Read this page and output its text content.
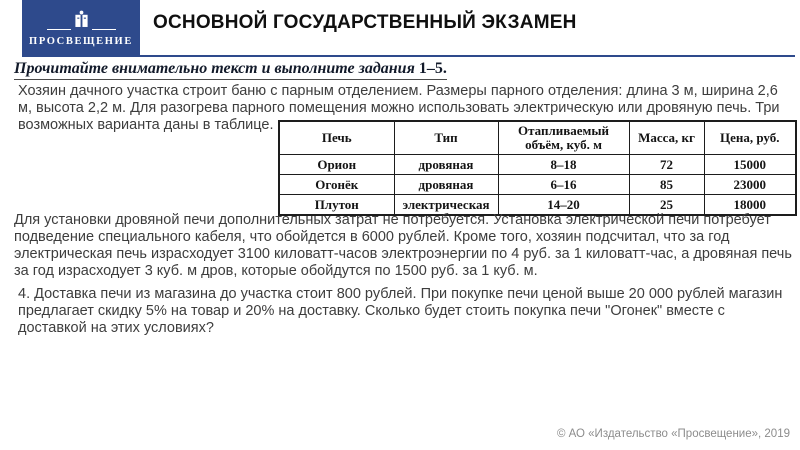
ПРОСВЕЩЕНИЕ
ОСНОВНОЙ ГОСУДАРСТВЕННЫЙ ЭКЗАМЕН
Прочитайте внимательно текст и выполните задания 1–5.
Хозяин дачного участка строит баню с парным отделением. Размеры парного отделения: длина 3 м, ширина 2,6 м, высота 2,2 м. Для разогрева парного помещения можно использовать электрическую или дровяную печь. Три возможных варианта даны в таблице.
Печь	Тип	Отапливаемый объём, куб. м	Масса, кг	Цена, руб.
Орион	дровяная	8–18	72	15000
Огонёк	дровяная	6–16	85	23000
Плутон	электрическая	14–20	25	18000
Для установки дровяной печи дополнительных затрат не потребуется. Установка электрической печи потребует подведение специального кабеля, что обойдется в 6000 рублей. Кроме того, хозяин подсчитал, что за год электрическая печь израсходует 3100 киловатт-часов электроэнергии по 4 руб. за 1 киловатт-час, а дровяная печь за год израсходует 3 куб. м дров, которые обойдутся по 1500 руб. за 1 куб. м.
4. Доставка печи из магазина до участка стоит 800 рублей. При покупке печи ценой выше 20 000 рублей магазин предлагает скидку 5% на товар и 20% на доставку. Сколько будет стоить покупка печи "Огонек" вместе с доставкой на этих условиях?
© АО «Издательство «Просвещение», 2019
